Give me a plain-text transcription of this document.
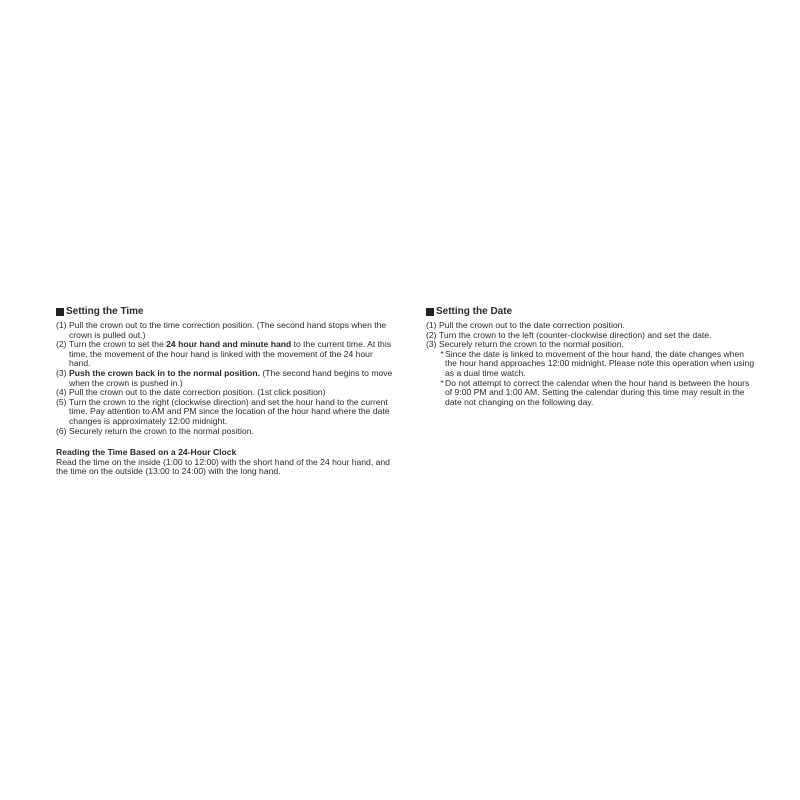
Setting the Time
(1) Pull the crown out to the time correction position. (The second hand stops when the crown is pulled out.)
(2) Turn the crown to set the 24 hour hand and minute hand to the current time. At this time, the movement of the hour hand is linked with the movement of the 24 hour hand.
(3) Push the crown back in to the normal position. (The second hand begins to move when the crown is pushed in.)
(4) Pull the crown out to the date correction position. (1st click position)
(5) Turn the crown to the right (clockwise direction) and set the hour hand to the current time. Pay attention to AM and PM since the location of the hour hand where the date changes is approximately 12:00 midnight.
(6) Securely return the crown to the normal position.
Reading the Time Based on a 24-Hour Clock
Read the time on the inside (1:00 to 12:00) with the short hand of the 24 hour hand, and the time on the outside (13:00 to 24:00) with the long hand.
Setting the Date
(1) Pull the crown out to the date correction position.
(2) Turn the crown to the left (counter-clockwise direction) and set the date.
(3) Securely return the crown to the normal position.
* Since the date is linked to movement of the hour hand, the date changes when the hour hand approaches 12:00 midnight. Please note this operation when using as a dual time watch.
* Do not attempt to correct the calendar when the hour hand is between the hours of 9:00 PM and 1:00 AM. Setting the calendar during this time may result in the date not changing on the following day.
